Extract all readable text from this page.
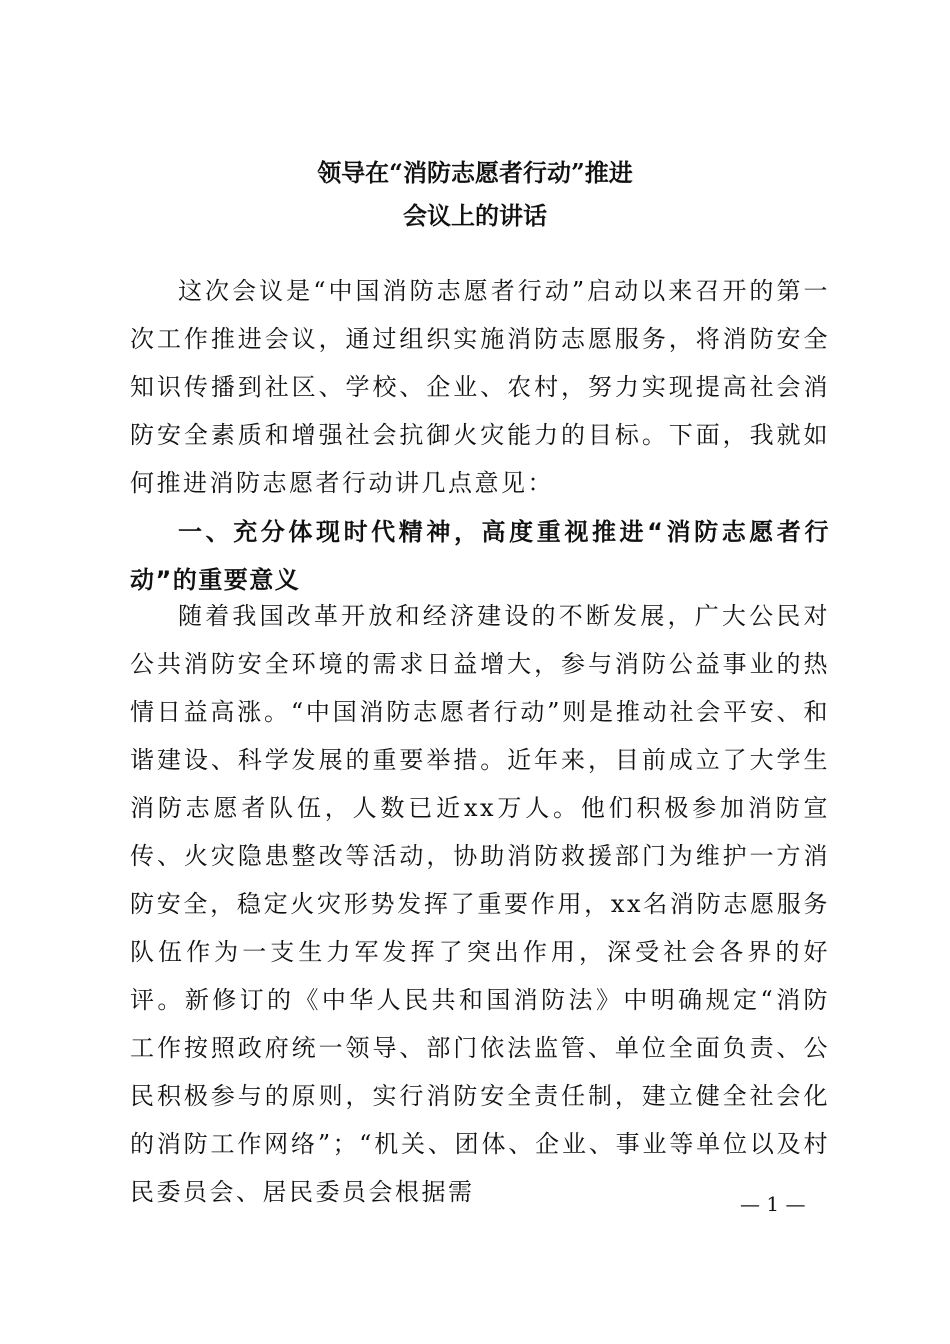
领导在“消防志愿者行动”推进
会议上的讲话

这次会议是“中国消防志愿者行动”启动以来召开的第一次工作推进会议，通过组织实施消防志愿服务，将消防安全知识传播到社区、学校、企业、农村，努力实现提高社会消防安全素质和增强社会抗御火灾能力的目标。下面，我就如何推进消防志愿者行动讲几点意见：

一、充分体现时代精神，高度重视推进“消防志愿者行动”的重要意义

随着我国改革开放和经济建设的不断发展，广大公民对公共消防安全环境的需求日益增大，参与消防公益事业的热情日益高涨。“中国消防志愿者行动”则是推动社会平安、和谐建设、科学发展的重要举措。近年来，目前成立了大学生消防志愿者队伍，人数已近xx万人。他们积极参加消防宣传、火灾隐患整改等活动，协助消防救援部门为维护一方消防安全，稳定火灾形势发挥了重要作用，xx名消防志愿服务队伍作为一支生力军发挥了突出作用，深受社会各界的好评。新修订的《中华人民共和国消防法》中明确规定“消防工作按照政府统一领导、部门依法监管、单位全面负责、公民积极参与的原则，实行消防安全责任制，建立健全社会化的消防工作网络”；“机关、团体、企业、事业等单位以及村民委员会、居民委员会根据需	— 1 —
